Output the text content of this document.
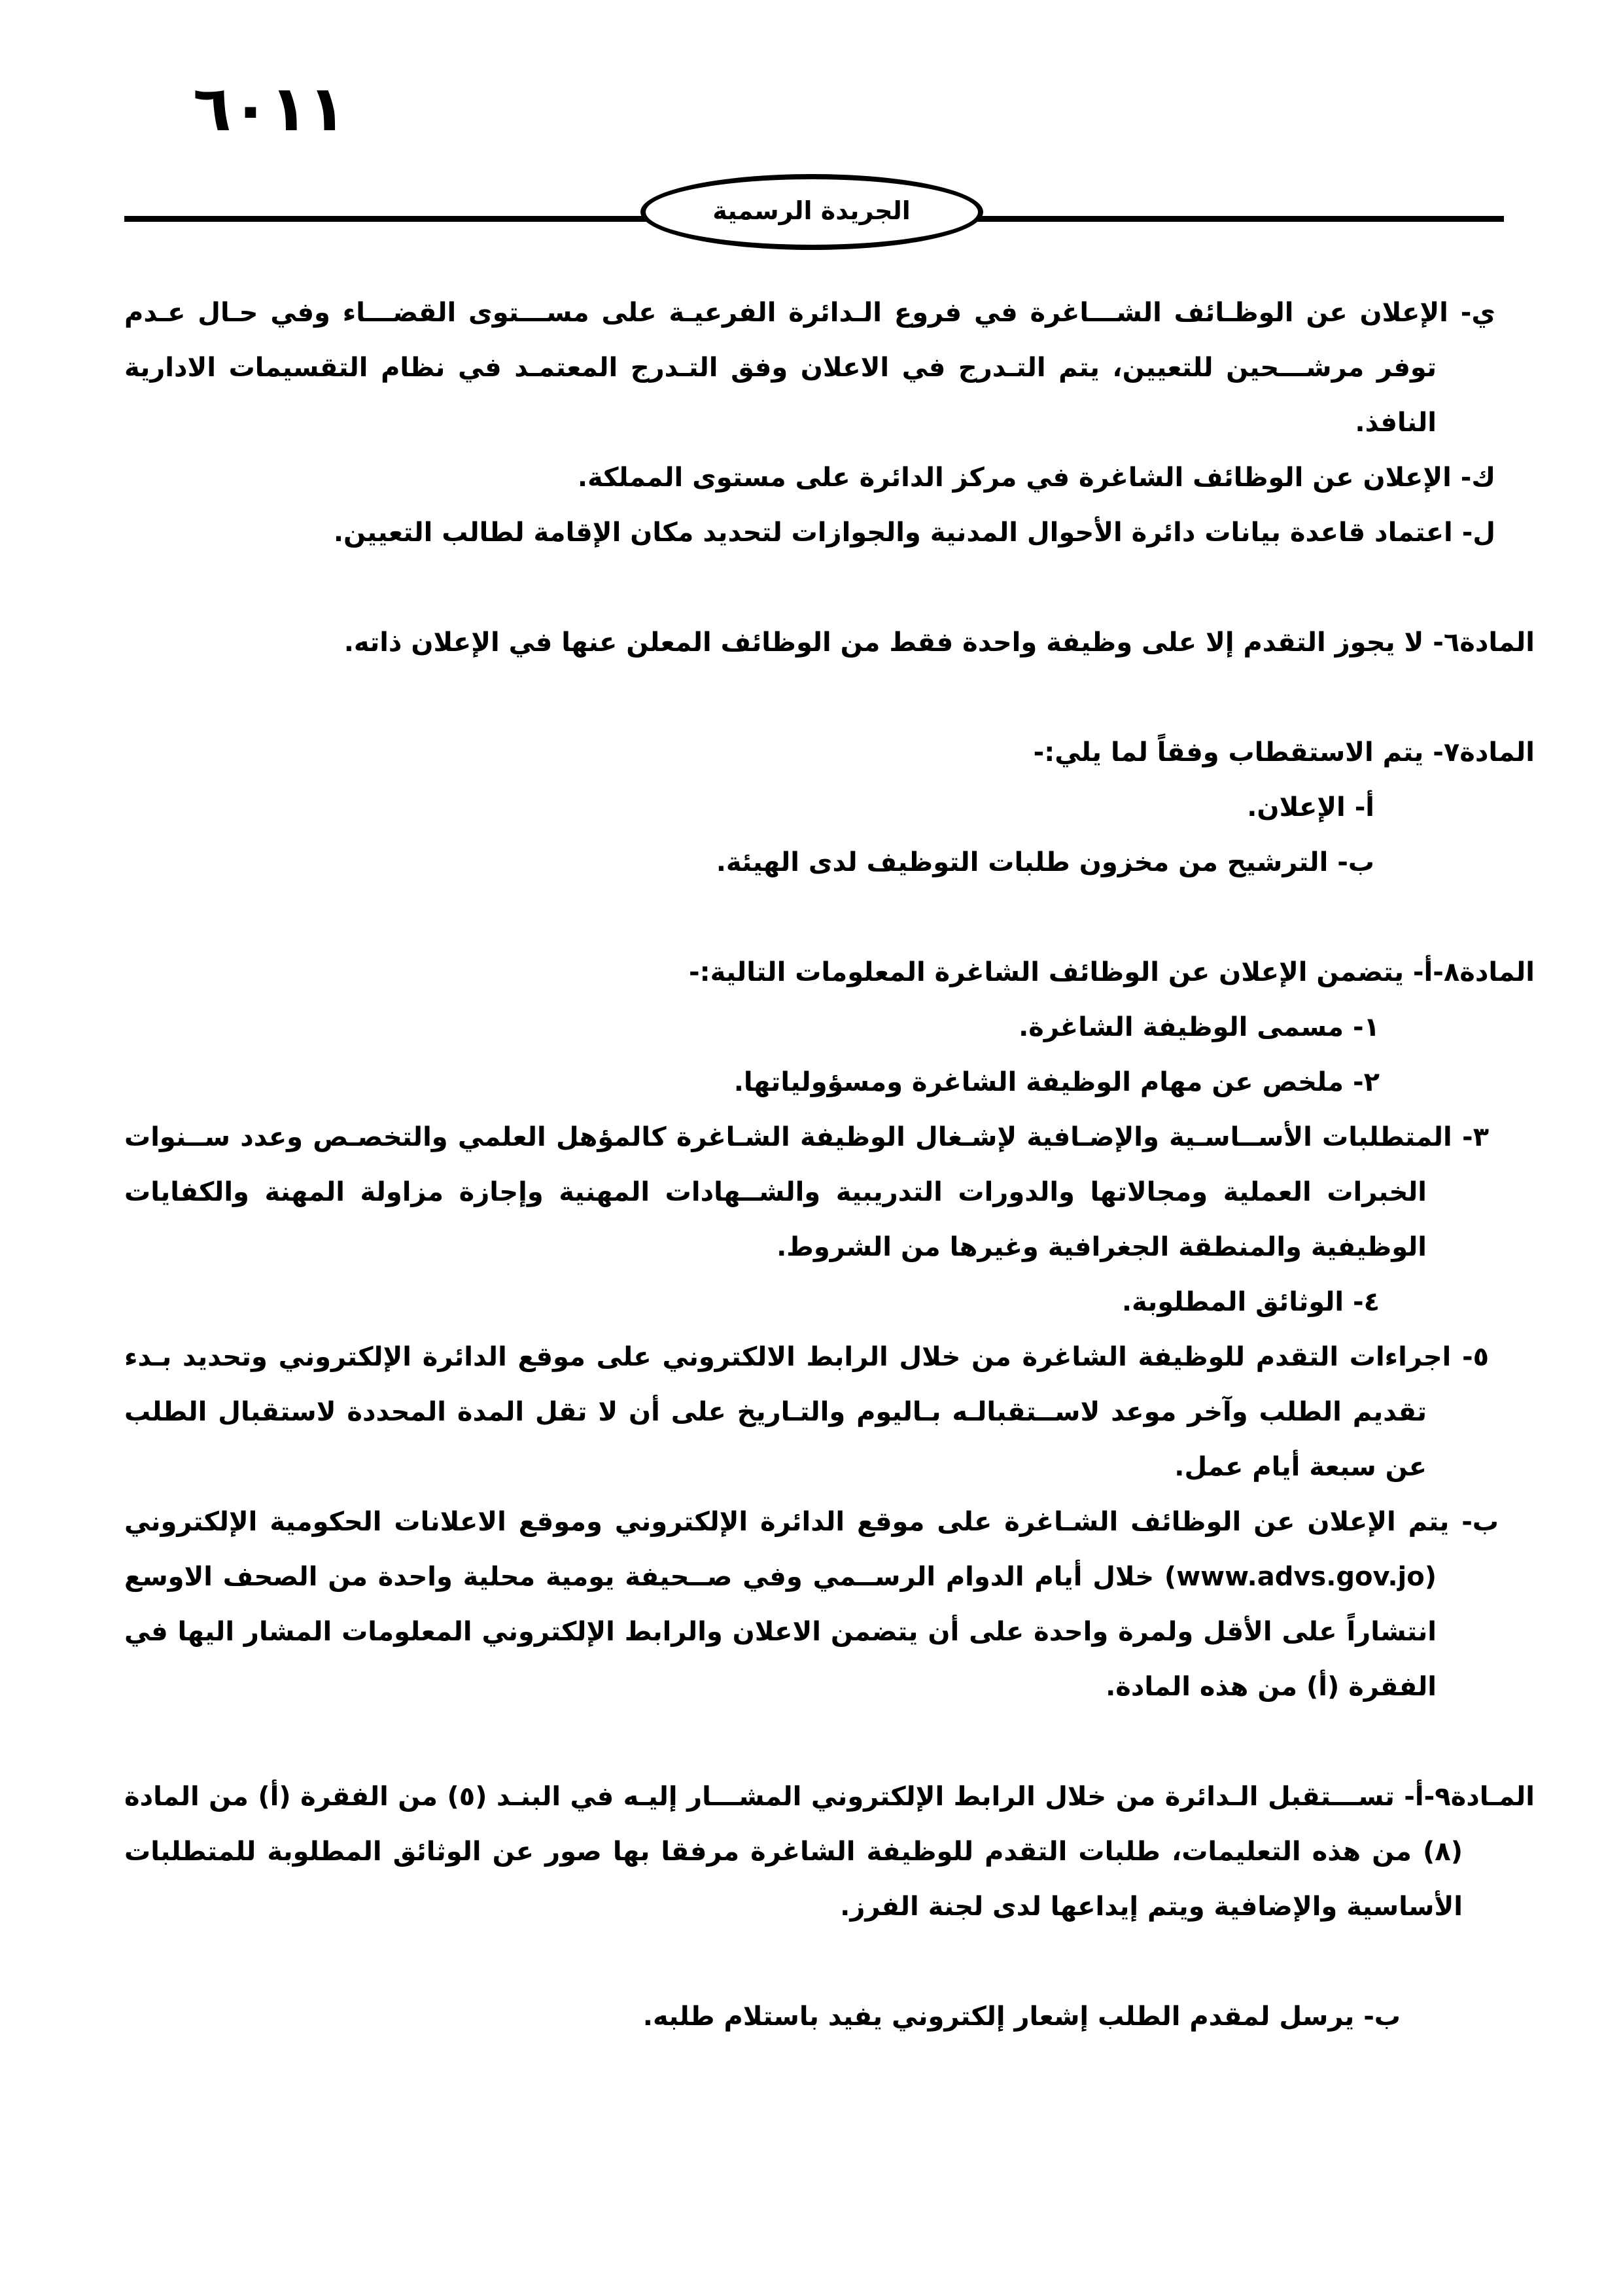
٦٠١١
الجريدة الرسمية

ي- الإعلان عن الوظـائف الشـــاغرة في فروع الـدائرة الفرعيـة على مســـتوى القضـــاء وفي حـال عـدم توفر مرشـــحين للتعيين، يتم التـدرج في الاعلان وفق التـدرج المعتمـد في نظام التقسيمات الادارية النافذ.

ك- الإعلان عن الوظائف الشاغرة في مركز الدائرة على مستوى المملكة.

ل- اعتماد قاعدة بيانات دائرة الأحوال المدنية والجوازات لتحديد مكان الإقامة لطالب التعيين.

المادة٦- لا يجوز التقدم إلا على وظيفة واحدة فقط من الوظائف المعلن عنها في الإعلان ذاته.

المادة٧- يتم الاستقطاب وفقاً لما يلي:-

أ- الإعلان.

ب- الترشيح من مخزون طلبات التوظيف لدى الهيئة.

المادة٨-أ- يتضمن الإعلان عن الوظائف الشاغرة المعلومات التالية:-

١- مسمى الوظيفة الشاغرة.

٢- ملخص عن مهام الوظيفة الشاغرة ومسؤولياتها.

٣- المتطلبات الأســاسـية والإضـافية لإشـغال الوظيفة الشـاغرة كالمؤهل العلمي والتخصـص وعدد ســنوات الخبرات العملية ومجالاتها والدورات التدريبية والشــهادات المهنية وإجازة مزاولة المهنة والكفايات الوظيفية والمنطقة الجغرافية وغيرها من الشروط.

٤- الوثائق المطلوبة.

٥- اجراءات التقدم للوظيفة الشاغرة من خلال الرابط الالكتروني على موقع الدائرة الإلكتروني وتحديد بـدء تقديم الطلب وآخر موعد لاســتقبالـه بـاليوم والتـاريخ على أن لا تقل المدة المحددة لاستقبال الطلب عن سبعة أيام عمل.

ب- يتم الإعلان عن الوظائف الشـاغرة على موقع الدائرة الإلكتروني وموقع الاعلانات الحكومية الإلكتروني (www.advs.gov.jo) خلال أيام الدوام الرســمي وفي صــحيفة يومية محلية واحدة من الصحف الاوسع انتشاراً على الأقل ولمرة واحدة على أن يتضمن الاعلان والرابط الإلكتروني المعلومات المشار اليها في الفقرة (أ) من هذه المادة.

المـادة٩-أ- تســـتقبل الـدائرة من خلال الرابط الإلكتروني المشـــار إليـه في البنـد (٥) من الفقرة (أ) من المادة (٨) من هذه التعليمات، طلبات التقدم للوظيفة الشاغرة مرفقا بها صور عن الوثائق المطلوبة للمتطلبات الأساسية والإضافية ويتم إيداعها لدى لجنة الفرز.

ب- يرسل لمقدم الطلب إشعار إلكتروني يفيد باستلام طلبه.
